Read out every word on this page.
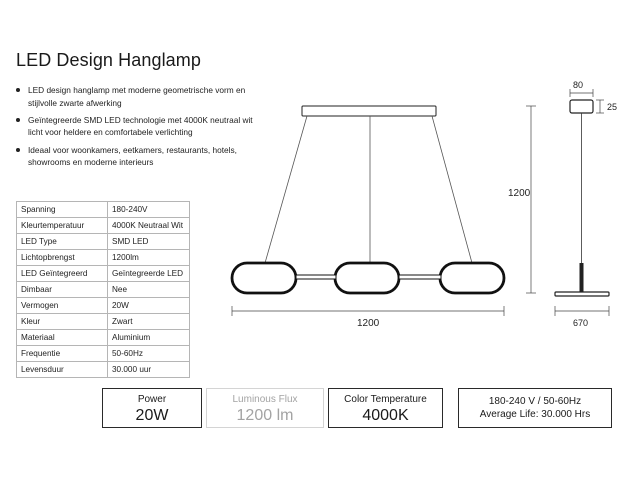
LED Design Hanglamp
LED design hanglamp met moderne geometrische vorm en stijlvolle zwarte afwerking
Geïntegreerde SMD LED technologie met 4000K neutraal wit licht voor heldere en comfortabele verlichting
Ideaal voor woonkamers, eetkamers, restaurants, hotels, showrooms en moderne interieurs
Spanning	180-240V
Kleurtemperatuur	4000K Neutraal Wit
LED Type	SMD LED
Lichtopbrengst	1200lm
LED Geïntegreerd	Geïntegreerde LED
Dimbaar	Nee
Vermogen	20W
Kleur	Zwart
Materiaal	Aluminium
Frequentie	50-60Hz
Levensduur	30.000 uur
1200
1200
80
25
670
Power
20W
Luminous Flux
1200 lm
Color Temperature
4000K
180-240 V / 50-60Hz
Average Life: 30.000 Hrs
